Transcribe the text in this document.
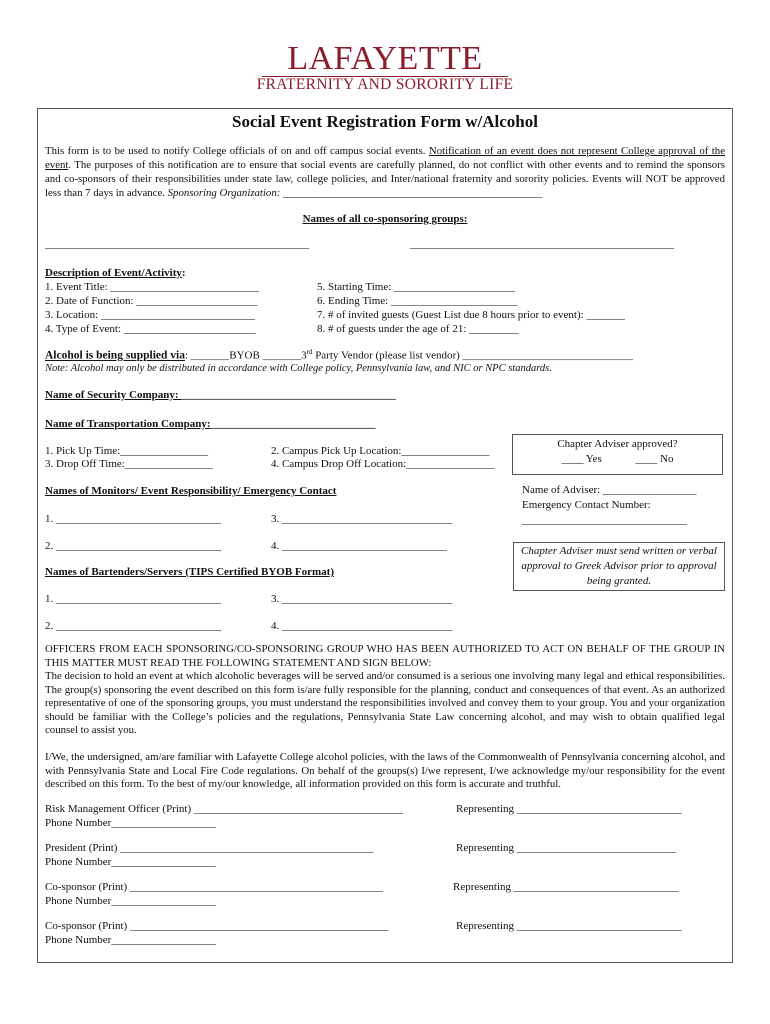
LAFAYETTE
FRATERNITY AND SORORITY LIFE
Social Event Registration Form w/Alcohol
This form is to be used to notify College officials of on and off campus social events. Notification of an event does not represent College approval of the event. The purposes of this notification are to ensure that social events are carefully planned, do not conflict with other events and to remind the sponsors and co-sponsors of their responsibilities under state law, college policies, and Inter/national fraternity and sorority policies. Events will NOT be approved less than 7 days in advance. Sponsoring Organization: ________________________________________________
Names of all co-sponsoring groups:
________________________________________________	________________________________________________
Description of Event/Activity:
1. Event Title: ___________________________
2. Date of Function: ______________________
3. Location: ____________________________
4. Type of Event: ________________________
5. Starting Time: ______________________
6. Ending Time: _______________________
7. # of invited guests (Guest List due 8 hours prior to event): _______
8. # of guests under the age of 21: _________
Alcohol is being supplied via: _______BYOB _______3rd Party Vendor (please list vendor) _______________________________
Note: Alcohol may only be distributed in accordance with College policy, Pennsylvania law, and NIC or NPC standards.
Name of Security Company: _______________________________________
Name of Transportation Company:______________________________
1. Pick Up Time:________________
3. Drop Off Time:________________
2. Campus Pick Up Location:________________
4. Campus Drop Off Location:________________
Chapter Adviser approved?
____ Yes	____ No
Name of Adviser: _________________
Emergency Contact Number:
______________________________
Chapter Adviser must send written or verbal approval to Greek Advisor prior to approval being granted.
Names of Monitors/ Event Responsibility/ Emergency Contact
1. ______________________________	3. _______________________________
2. ______________________________	4. ______________________________
Names of Bartenders/Servers (TIPS Certified BYOB Format)
1. ______________________________	3. _______________________________
2. ______________________________	4. _______________________________
OFFICERS FROM EACH SPONSORING/CO-SPONSORING GROUP WHO HAS BEEN AUTHORIZED TO ACT ON BEHALF OF THE GROUP IN THIS MATTER MUST READ THE FOLLOWING STATEMENT AND SIGN BELOW:
The decision to hold an event at which alcoholic beverages will be served and/or consumed is a serious one involving many legal and ethical responsibilities. The group(s) sponsoring the event described on this form is/are fully responsible for the planning, conduct and consequences of that event. As an authorized representative of one of the sponsoring groups, you must understand the responsibilities involved and convey them to your group. You and your organization should be familiar with the College’s policies and the regulations, Pennsylvania State Law concerning alcohol, and may wish to obtain qualified legal counsel to assist you.
I/We, the undersigned, am/are familiar with Lafayette College alcohol policies, with the laws of the Commonwealth of Pennsylvania concerning alcohol, and with Pennsylvania State and Local Fire Code regulations. On behalf of the groups(s) I/we represent, I/we acknowledge my/our responsibility for the event described on this form. To the best of my/our knowledge, all information provided on this form is accurate and truthful.
Risk Management Officer (Print) ______________________________________
Phone Number___________________
Representing ______________________________
President (Print) ______________________________________________
Phone Number___________________
Representing _____________________________
Co-sponsor (Print) ______________________________________________
Phone Number___________________
Representing ______________________________
Co-sponsor (Print) _______________________________________________
Phone Number___________________
Representing ______________________________
